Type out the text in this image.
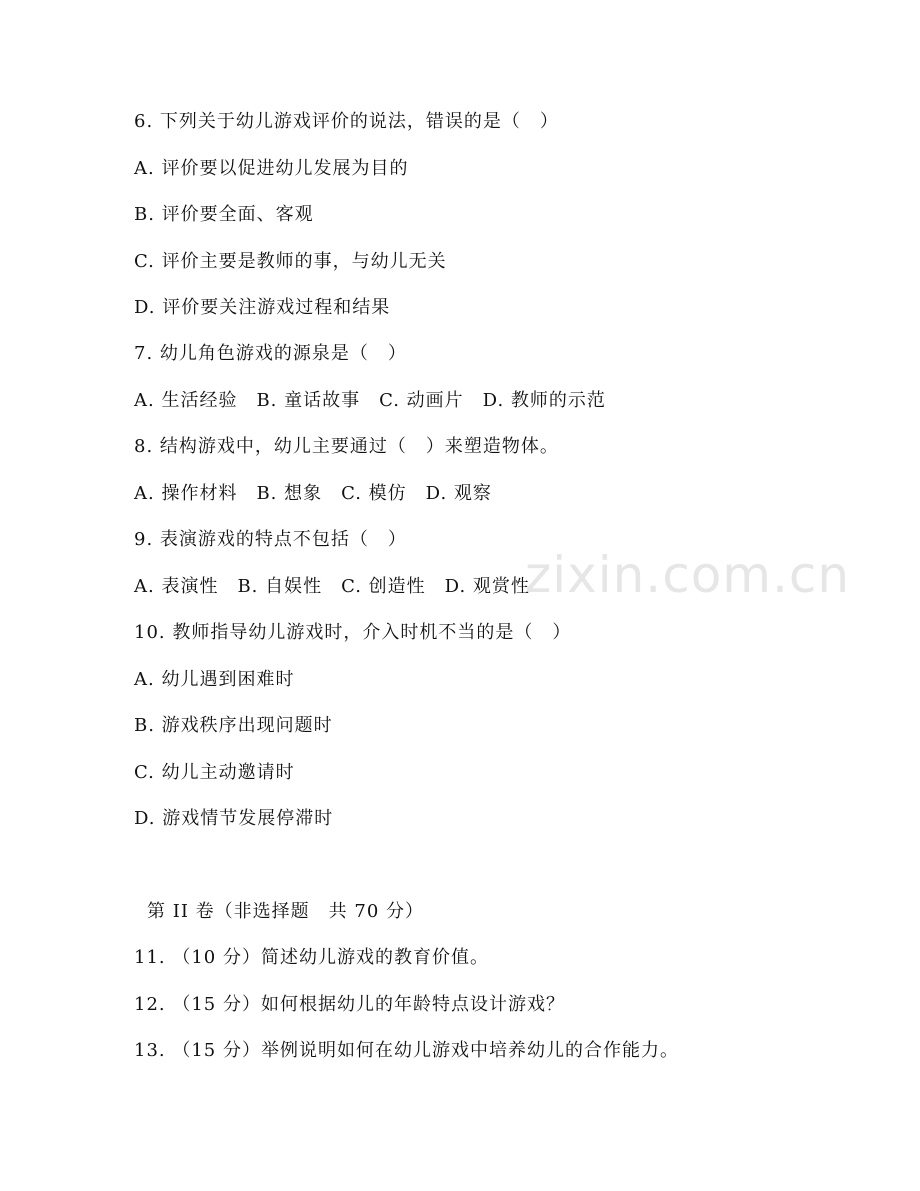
zixin.com.cn
6. 下列关于幼儿游戏评价的说法，错误的是（　）
A. 评价要以促进幼儿发展为目的
B. 评价要全面、客观
C. 评价主要是教师的事，与幼儿无关
D. 评价要关注游戏过程和结果
7. 幼儿角色游戏的源泉是（　）
A. 生活经验　B. 童话故事　C. 动画片　D. 教师的示范
8. 结构游戏中，幼儿主要通过（　）来塑造物体。
A. 操作材料　B. 想象　C. 模仿　D. 观察
9. 表演游戏的特点不包括（　）
A. 表演性　B. 自娱性　C. 创造性　D. 观赏性
10. 教师指导幼儿游戏时，介入时机不当的是（　）
A. 幼儿遇到困难时
B. 游戏秩序出现问题时
C. 幼儿主动邀请时
D. 游戏情节发展停滞时
第 II 卷（非选择题　共 70 分）
11. （10 分）简述幼儿游戏的教育价值。
12. （15 分）如何根据幼儿的年龄特点设计游戏？
13. （15 分）举例说明如何在幼儿游戏中培养幼儿的合作能力。
